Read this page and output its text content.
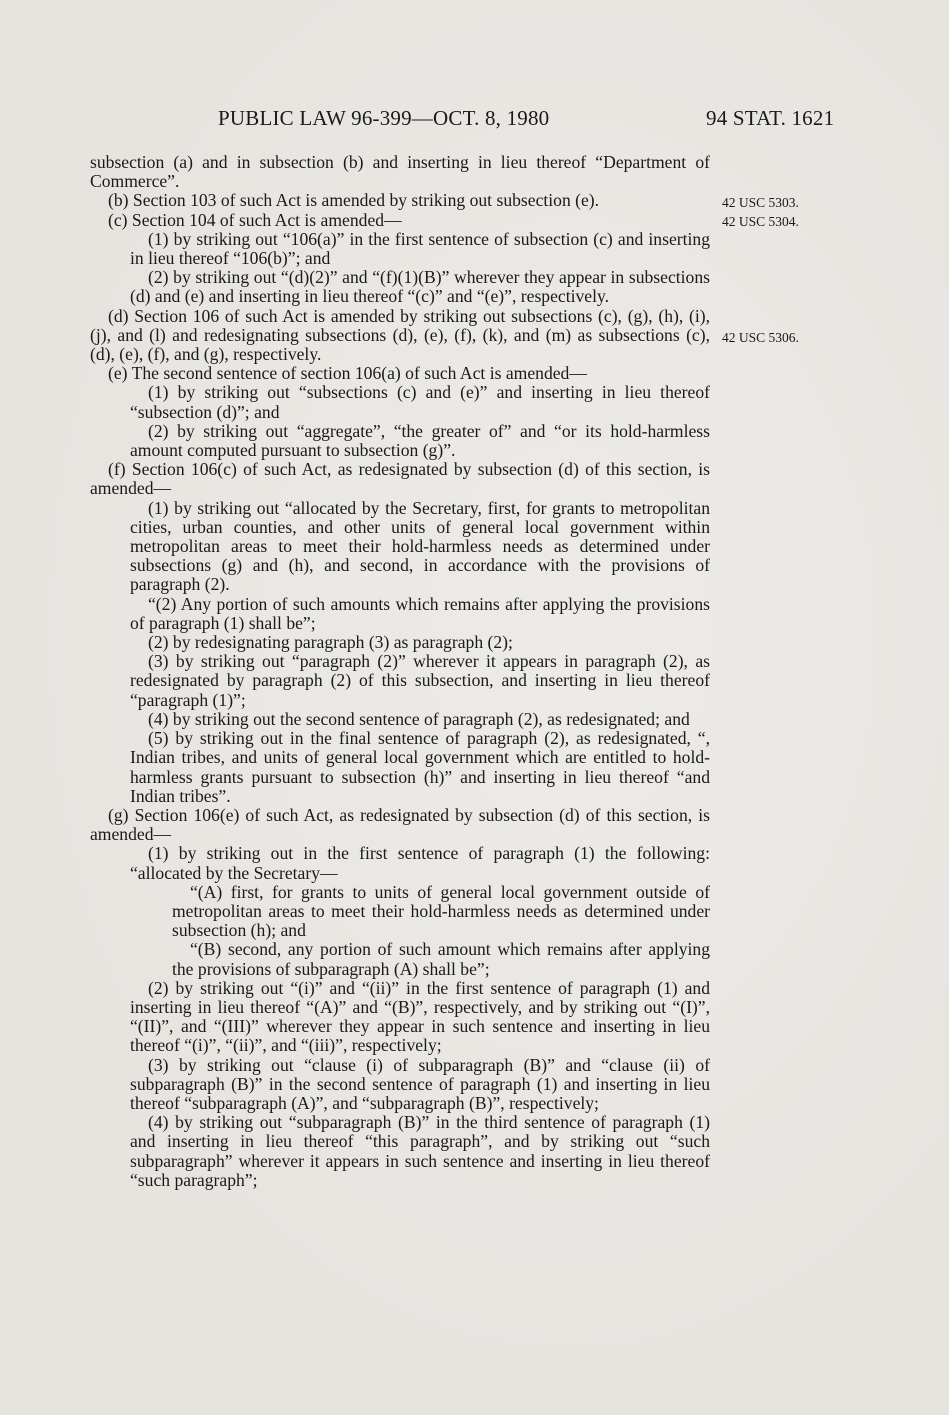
PUBLIC LAW 96-399—OCT. 8, 1980	94 STAT. 1621
42 USC 5303.
42 USC 5304.
42 USC 5306.

subsection (a) and in subsection (b) and inserting in lieu thereof “Department of Commerce”.

(b) Section 103 of such Act is amended by striking out subsection (e).

(c) Section 104 of such Act is amended—

(1) by striking out “106(a)” in the first sentence of subsection (c) and inserting in lieu thereof “106(b)”; and

(2) by striking out “(d)(2)” and “(f)(1)(B)” wherever they appear in subsections (d) and (e) and inserting in lieu thereof “(c)” and “(e)”, respectively.

(d) Section 106 of such Act is amended by striking out subsections (c), (g), (h), (i), (j), and (l) and redesignating subsections (d), (e), (f), (k), and (m) as subsections (c), (d), (e), (f), and (g), respectively.

(e) The second sentence of section 106(a) of such Act is amended—

(1) by striking out “subsections (c) and (e)” and inserting in lieu thereof “subsection (d)”; and

(2) by striking out “aggregate”, “the greater of” and “or its hold-harmless amount computed pursuant to subsection (g)”.

(f) Section 106(c) of such Act, as redesignated by subsection (d) of this section, is amended—

(1) by striking out “allocated by the Secretary, first, for grants to metropolitan cities, urban counties, and other units of general local government within metropolitan areas to meet their hold-harmless needs as determined under subsections (g) and (h), and second, in accordance with the provisions of paragraph (2).

“(2) Any portion of such amounts which remains after applying the provisions of paragraph (1) shall be”;

(2) by redesignating paragraph (3) as paragraph (2);

(3) by striking out “paragraph (2)” wherever it appears in paragraph (2), as redesignated by paragraph (2) of this subsection, and inserting in lieu thereof “paragraph (1)”;

(4) by striking out the second sentence of paragraph (2), as redesignated; and

(5) by striking out in the final sentence of paragraph (2), as redesignated, “, Indian tribes, and units of general local government which are entitled to hold-harmless grants pursuant to subsection (h)” and inserting in lieu thereof “and Indian tribes”.

(g) Section 106(e) of such Act, as redesignated by subsection (d) of this section, is amended—

(1) by striking out in the first sentence of paragraph (1) the following: “allocated by the Secretary—

“(A) first, for grants to units of general local government outside of metropolitan areas to meet their hold-harmless needs as determined under subsection (h); and

“(B) second, any portion of such amount which remains after applying the provisions of subparagraph (A) shall be”;

(2) by striking out “(i)” and “(ii)” in the first sentence of paragraph (1) and inserting in lieu thereof “(A)” and “(B)”, respectively, and by striking out “(I)”, “(II)”, and “(III)” wherever they appear in such sentence and inserting in lieu thereof “(i)”, “(ii)”, and “(iii)”, respectively;

(3) by striking out “clause (i) of subparagraph (B)” and “clause (ii) of subparagraph (B)” in the second sentence of paragraph (1) and inserting in lieu thereof “subparagraph (A)”, and “subparagraph (B)”, respectively;

(4) by striking out “subparagraph (B)” in the third sentence of paragraph (1) and inserting in lieu thereof “this paragraph”, and by striking out “such subparagraph” wherever it appears in such sentence and inserting in lieu thereof “such paragraph”;
